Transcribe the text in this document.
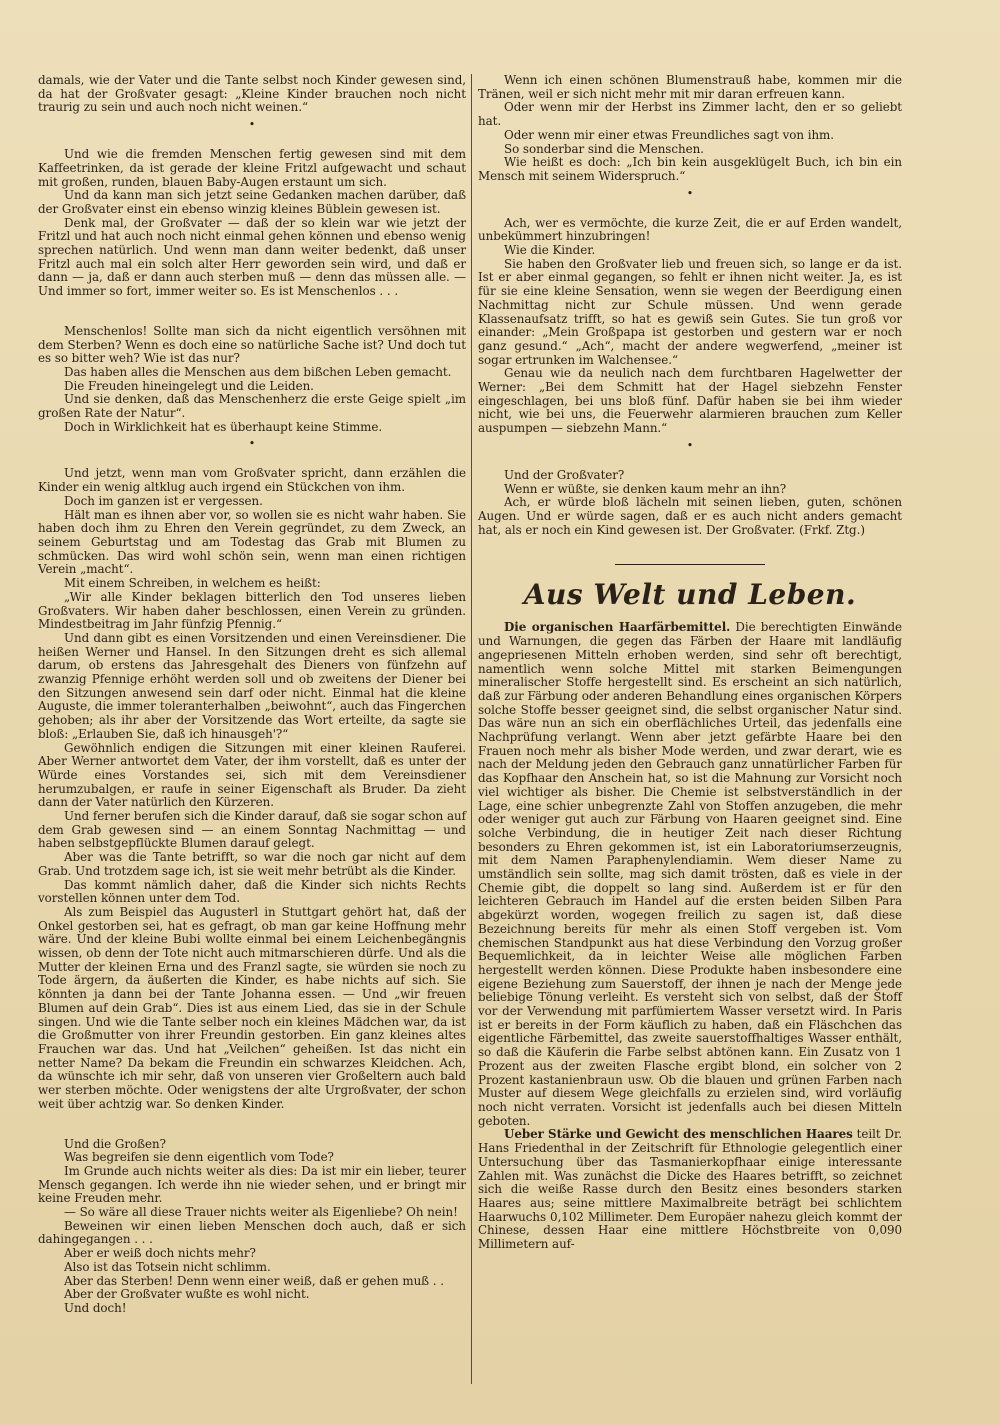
damals, wie der Vater und die Tante selbst noch Kinder gewesen sind, da hat der Großvater gesagt: „Kleine Kinder brauchen noch nicht traurig zu sein und auch noch nicht weinen.“

•

Und wie die fremden Menschen fertig gewesen sind mit dem Kaffeetrinken, da ist gerade der kleine Fritzl aufgewacht und schaut mit großen, runden, blauen Baby-Augen erstaunt um sich.

Und da kann man sich jetzt seine Gedanken machen darüber, daß der Großvater einst ein ebenso winzig kleines Büblein gewesen ist.

Denk mal, der Großvater — daß der so klein war wie jetzt der Fritzl und hat auch noch nicht einmal gehen können und ebenso wenig sprechen natürlich. Und wenn man dann weiter bedenkt, daß unser Fritzl auch mal ein solch alter Herr geworden sein wird, und daß er dann — ja, daß er dann auch sterben muß — denn das müssen alle. — Und immer so fort, immer weiter so. Es ist Menschenlos . . .

Menschenlos! Sollte man sich da nicht eigentlich versöhnen mit dem Sterben? Wenn es doch eine so natürliche Sache ist? Und doch tut es so bitter weh? Wie ist das nur?

Das haben alles die Menschen aus dem bißchen Leben gemacht.

Die Freuden hineingelegt und die Leiden.

Und sie denken, daß das Menschenherz die erste Geige spielt „im großen Rate der Natur“.

Doch in Wirklichkeit hat es überhaupt keine Stimme.

•

Und jetzt, wenn man vom Großvater spricht, dann erzählen die Kinder ein wenig altklug auch irgend ein Stückchen von ihm.

Doch im ganzen ist er vergessen.

Hält man es ihnen aber vor, so wollen sie es nicht wahr haben. Sie haben doch ihm zu Ehren den Verein gegründet, zu dem Zweck, an seinem Geburtstag und am Todestag das Grab mit Blumen zu schmücken. Das wird wohl schön sein, wenn man einen richtigen Verein „macht“.

Mit einem Schreiben, in welchem es heißt:

„Wir alle Kinder beklagen bitterlich den Tod unseres lieben Großvaters. Wir haben daher beschlossen, einen Verein zu gründen. Mindestbeitrag im Jahr fünfzig Pfennig.“

Und dann gibt es einen Vorsitzenden und einen Vereinsdiener. Die heißen Werner und Hansel. In den Sitzungen dreht es sich allemal darum, ob erstens das Jahresgehalt des Dieners von fünfzehn auf zwanzig Pfennige erhöht werden soll und ob zweitens der Diener bei den Sitzungen anwesend sein darf oder nicht. Einmal hat die kleine Auguste, die immer toleranterhalben „beiwohnt“, auch das Fingerchen gehoben; als ihr aber der Vorsitzende das Wort erteilte, da sagte sie bloß: „Erlauben Sie, daß ich hinausgeh'?“

Gewöhnlich endigen die Sitzungen mit einer kleinen Rauferei. Aber Werner antwortet dem Vater, der ihm vorstellt, daß es unter der Würde eines Vorstandes sei, sich mit dem Vereinsdiener herumzubalgen, er raufe in seiner Eigenschaft als Bruder. Da zieht dann der Vater natürlich den Kürzeren.

Und ferner berufen sich die Kinder darauf, daß sie sogar schon auf dem Grab gewesen sind — an einem Sonntag Nachmittag — und haben selbstgepflückte Blumen darauf gelegt.

Aber was die Tante betrifft, so war die noch gar nicht auf dem Grab. Und trotzdem sage ich, ist sie weit mehr betrübt als die Kinder.

Das kommt nämlich daher, daß die Kinder sich nichts Rechts vorstellen können unter dem Tod.

Als zum Beispiel das Augusterl in Stuttgart gehört hat, daß der Onkel gestorben sei, hat es gefragt, ob man gar keine Hoffnung mehr wäre. Und der kleine Bubi wollte einmal bei einem Leichenbegängnis wissen, ob denn der Tote nicht auch mitmarschieren dürfe. Und als die Mutter der kleinen Erna und des Franzl sagte, sie würden sie noch zu Tode ärgern, da äußerten die Kinder, es habe nichts auf sich. Sie könnten ja dann bei der Tante Johanna essen. — Und „wir freuen Blumen auf dein Grab“. Dies ist aus einem Lied, das sie in der Schule singen. Und wie die Tante selber noch ein kleines Mädchen war, da ist die Großmutter von ihrer Freundin gestorben. Ein ganz kleines altes Frauchen war das. Und hat „Veilchen“ geheißen. Ist das nicht ein netter Name? Da bekam die Freundin ein schwarzes Kleidchen. Ach, da wünschte ich mir sehr, daß von unseren vier Großeltern auch bald wer sterben möchte. Oder wenigstens der alte Urgroßvater, der schon weit über achtzig war. So denken Kinder.

Und die Großen?

Was begreifen sie denn eigentlich vom Tode?

Im Grunde auch nichts weiter als dies: Da ist mir ein lieber, teurer Mensch gegangen. Ich werde ihn nie wieder sehen, und er bringt mir keine Freuden mehr.

— So wäre all diese Trauer nichts weiter als Eigenliebe? Oh nein!

Beweinen wir einen lieben Menschen doch auch, daß er sich dahingegangen . . .

Aber er weiß doch nichts mehr?

Also ist das Totsein nicht schlimm.

Aber das Sterben! Denn wenn einer weiß, daß er gehen muß . .

Aber der Großvater wußte es wohl nicht.

Und doch!

Wenn ich einen schönen Blumenstrauß habe, kommen mir die Tränen, weil er sich nicht mehr mit mir daran erfreuen kann.

Oder wenn mir der Herbst ins Zimmer lacht, den er so geliebt hat.

Oder wenn mir einer etwas Freundliches sagt von ihm.

So sonderbar sind die Menschen.

Wie heißt es doch: „Ich bin kein ausgeklügelt Buch, ich bin ein Mensch mit seinem Widerspruch.“

•

Ach, wer es vermöchte, die kurze Zeit, die er auf Erden wandelt, unbekümmert hinzubringen!

Wie die Kinder.

Sie haben den Großvater lieb und freuen sich, so lange er da ist. Ist er aber einmal gegangen, so fehlt er ihnen nicht weiter. Ja, es ist für sie eine kleine Sensation, wenn sie wegen der Beerdigung einen Nachmittag nicht zur Schule müssen. Und wenn gerade Klassenaufsatz trifft, so hat es gewiß sein Gutes. Sie tun groß vor einander: „Mein Großpapa ist gestorben und gestern war er noch ganz gesund.“ „Ach“, macht der andere wegwerfend, „meiner ist sogar ertrunken im Walchensee.“

Genau wie da neulich nach dem furchtbaren Hagelwetter der Werner: „Bei dem Schmitt hat der Hagel siebzehn Fenster eingeschlagen, bei uns bloß fünf. Dafür haben sie bei ihm wieder nicht, wie bei uns, die Feuerwehr alarmieren brauchen zum Keller auspumpen — siebzehn Mann.“

•

Und der Großvater?

Wenn er wüßte, sie denken kaum mehr an ihn?

Ach, er würde bloß lächeln mit seinen lieben, guten, schönen Augen. Und er würde sagen, daß er es auch nicht anders gemacht hat, als er noch ein Kind gewesen ist. Der Großvater. (Frkf. Ztg.)

Aus Welt und Leben.

Die organischen Haarfärbemittel. Die berechtigten Einwände und Warnungen, die gegen das Färben der Haare mit landläufig angepriesenen Mitteln erhoben werden, sind sehr oft berechtigt, namentlich wenn solche Mittel mit starken Beimengungen mineralischer Stoffe hergestellt sind. Es erscheint an sich natürlich, daß zur Färbung oder anderen Behandlung eines organischen Körpers solche Stoffe besser geeignet sind, die selbst organischer Natur sind. Das wäre nun an sich ein oberflächliches Urteil, das jedenfalls eine Nachprüfung verlangt. Wenn aber jetzt gefärbte Haare bei den Frauen noch mehr als bisher Mode werden, und zwar derart, wie es nach der Meldung jeden den Gebrauch ganz unnatürlicher Farben für das Kopfhaar den Anschein hat, so ist die Mahnung zur Vorsicht noch viel wichtiger als bisher. Die Chemie ist selbstverständlich in der Lage, eine schier unbegrenzte Zahl von Stoffen anzugeben, die mehr oder weniger gut auch zur Färbung von Haaren geeignet sind. Eine solche Verbindung, die in heutiger Zeit nach dieser Richtung besonders zu Ehren gekommen ist, ist ein Laboratoriumserzeugnis, mit dem Namen Paraphenylendiamin. Wem dieser Name zu umständlich sein sollte, mag sich damit trösten, daß es viele in der Chemie gibt, die doppelt so lang sind. Außerdem ist er für den leichteren Gebrauch im Handel auf die ersten beiden Silben Para abgekürzt worden, wogegen freilich zu sagen ist, daß diese Bezeichnung bereits für mehr als einen Stoff vergeben ist. Vom chemischen Standpunkt aus hat diese Verbindung den Vorzug großer Bequemlichkeit, da in leichter Weise alle möglichen Farben hergestellt werden können. Diese Produkte haben insbesondere eine eigene Beziehung zum Sauerstoff, der ihnen je nach der Menge jede beliebige Tönung verleiht. Es versteht sich von selbst, daß der Stoff vor der Verwendung mit parfümiertem Wasser versetzt wird. In Paris ist er bereits in der Form käuflich zu haben, daß ein Fläschchen das eigentliche Färbemittel, das zweite sauerstoffhaltiges Wasser enthält, so daß die Käuferin die Farbe selbst abtönen kann. Ein Zusatz von 1 Prozent aus der zweiten Flasche ergibt blond, ein solcher von 2 Prozent kastanienbraun usw. Ob die blauen und grünen Farben nach Muster auf diesem Wege gleichfalls zu erzielen sind, wird vorläufig noch nicht verraten. Vorsicht ist jedenfalls auch bei diesen Mitteln geboten.

Ueber Stärke und Gewicht des menschlichen Haares teilt Dr. Hans Friedenthal in der Zeitschrift für Ethnologie gelegentlich einer Untersuchung über das Tasmanierkopfhaar einige interessante Zahlen mit. Was zunächst die Dicke des Haares betrifft, so zeichnet sich die weiße Rasse durch den Besitz eines besonders starken Haares aus; seine mittlere Maximalbreite beträgt bei schlichtem Haarwuchs 0,102 Millimeter. Dem Europäer nahezu gleich kommt der Chinese, dessen Haar eine mittlere Höchstbreite von 0,090 Millimetern auf-
